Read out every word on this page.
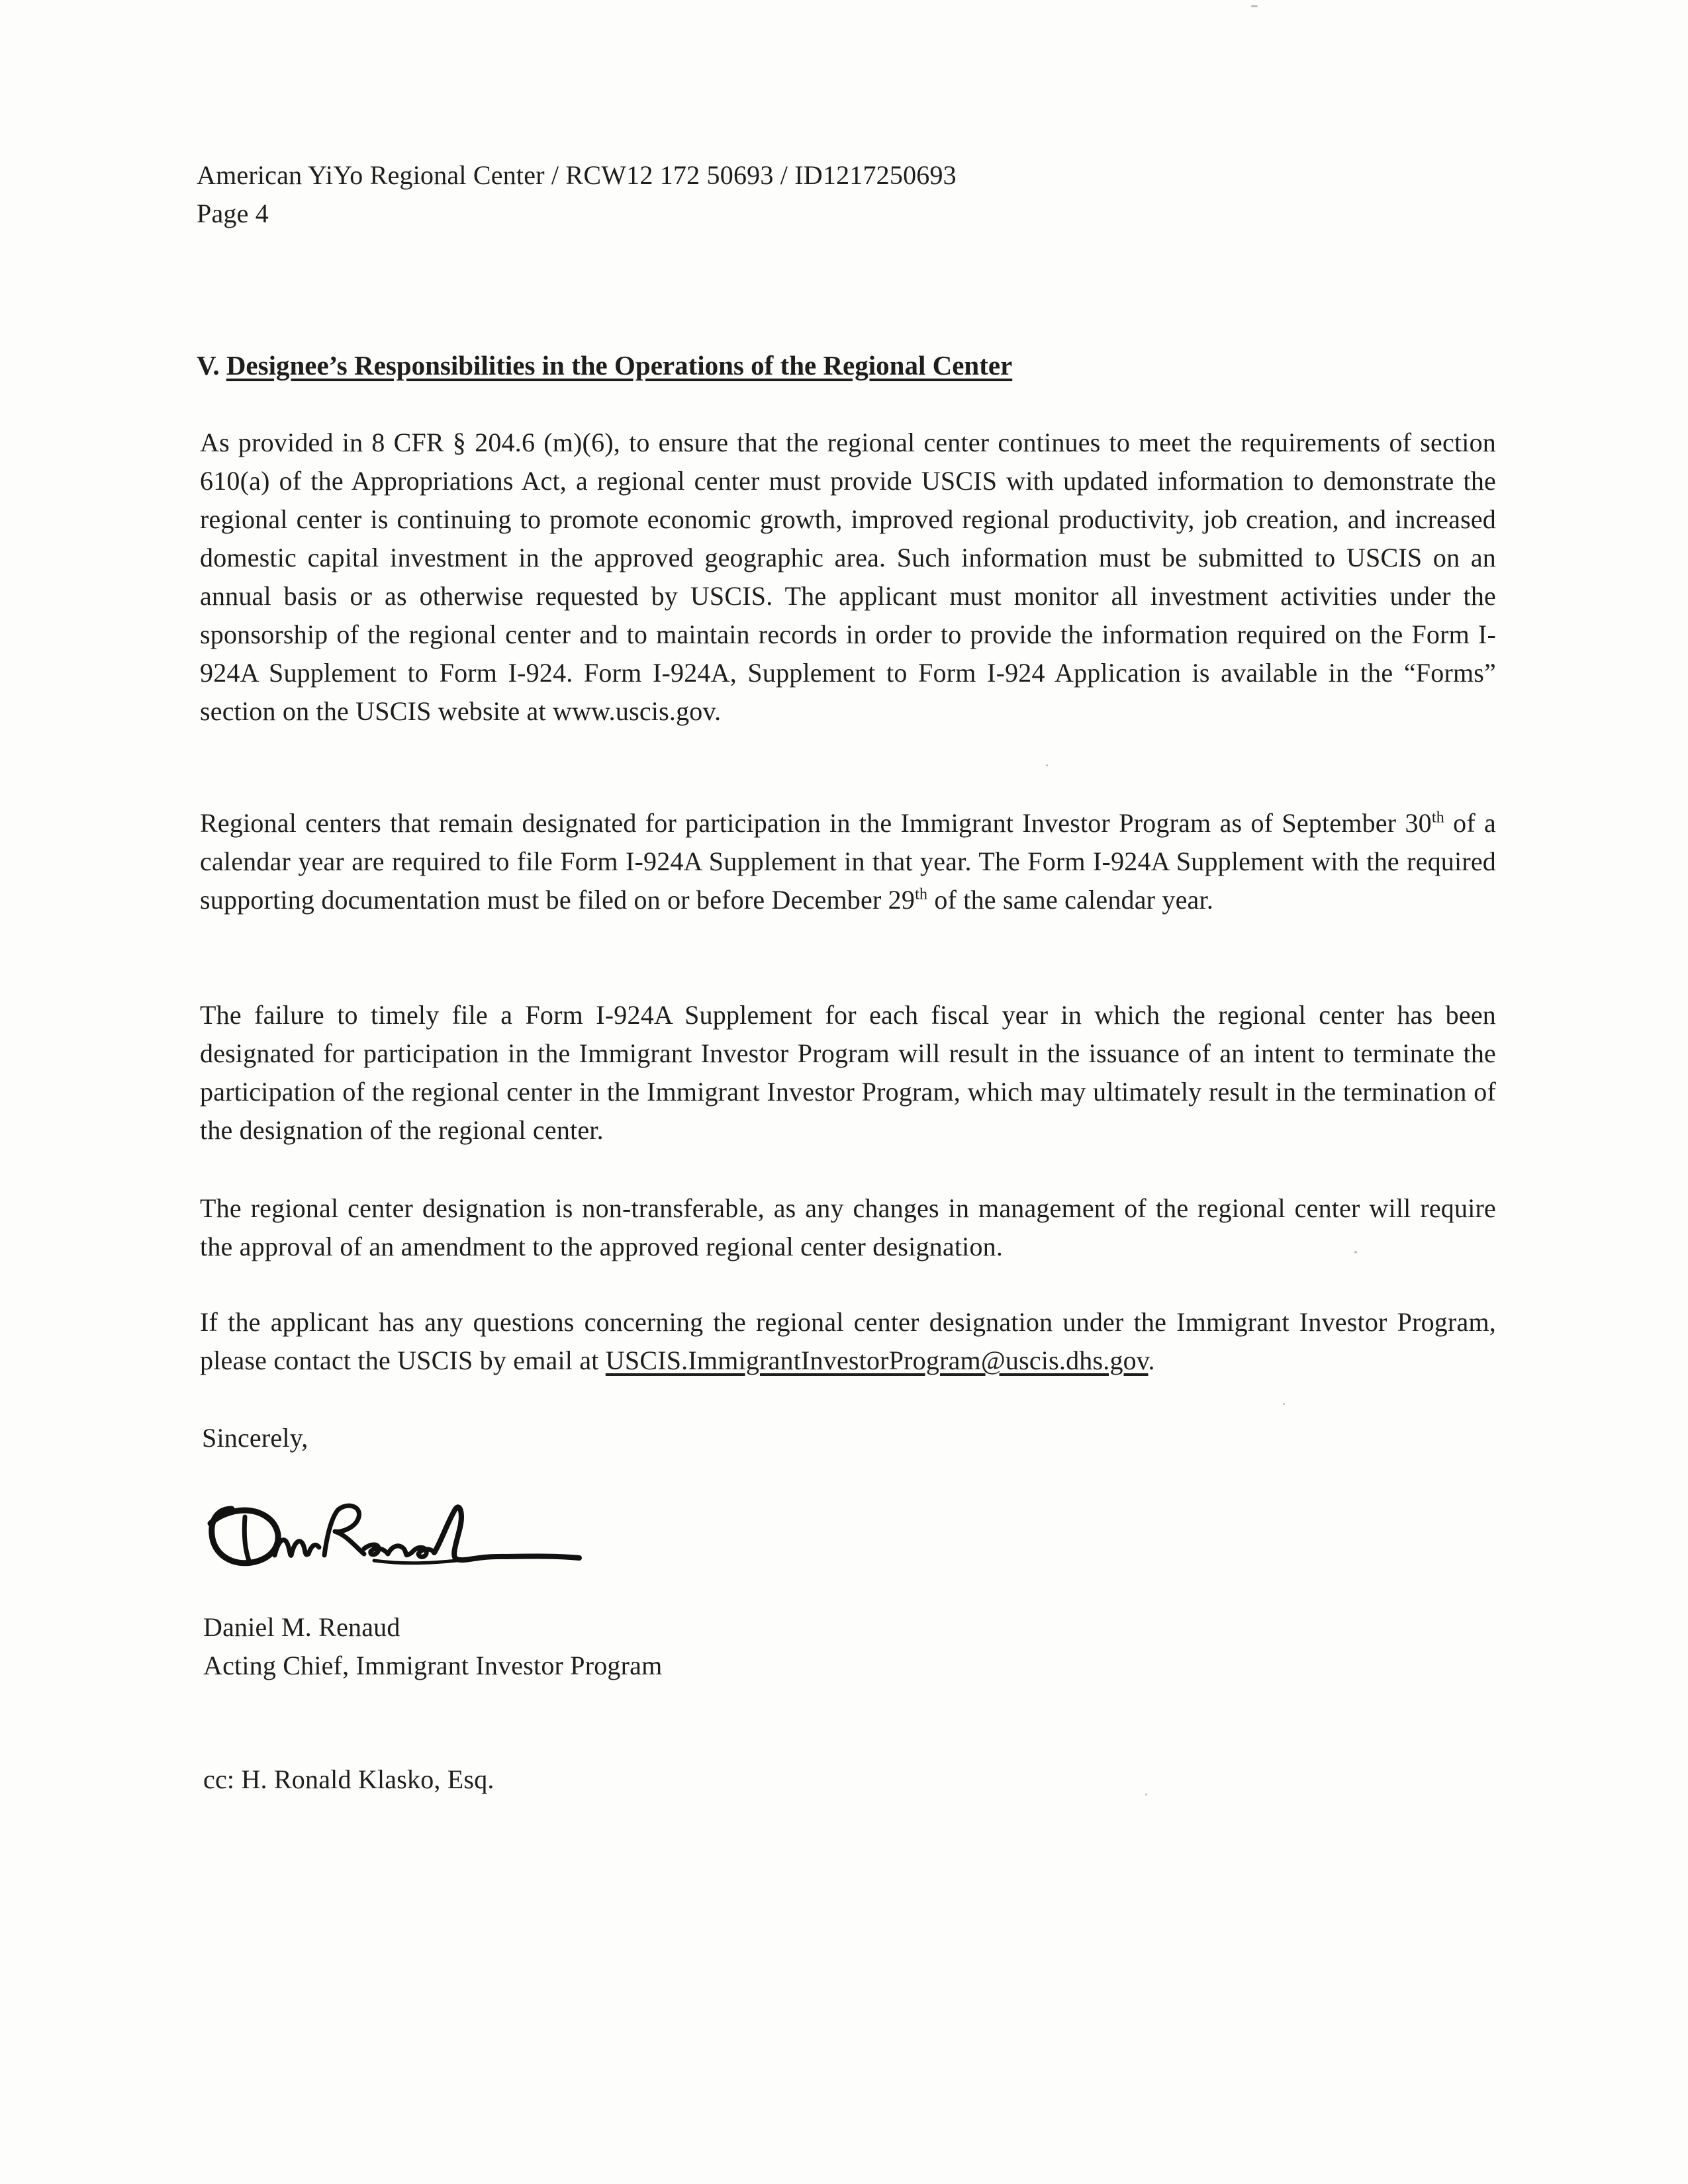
American YiYo Regional Center / RCW12 172 50693 / ID1217250693
Page 4
V. Designee’s Responsibilities in the Operations of the Regional Center

As provided in 8 CFR § 204.6 (m)(6), to ensure that the regional center continues to meet the requirements of section 610(a) of the Appropriations Act, a regional center must provide USCIS with updated information to demonstrate the regional center is continuing to promote economic growth, improved regional productivity, job creation, and increased domestic capital investment in the approved geographic area. Such information must be submitted to USCIS on an annual basis or as otherwise requested by USCIS. The applicant must monitor all investment activities under the sponsorship of the regional center and to maintain records in order to provide the information required on the Form I-924A Supplement to Form I-924. Form I-924A, Supplement to Form I-924 Application is available in the “Forms” section on the USCIS website at www.uscis.gov.

Regional centers that remain designated for participation in the Immigrant Investor Program as of September 30th of a calendar year are required to file Form I-924A Supplement in that year. The Form I-924A Supplement with the required supporting documentation must be filed on or before December 29th of the same calendar year.

The failure to timely file a Form I-924A Supplement for each fiscal year in which the regional center has been designated for participation in the Immigrant Investor Program will result in the issuance of an intent to terminate the participation of the regional center in the Immigrant Investor Program, which may ultimately result in the termination of the designation of the regional center.

The regional center designation is non-transferable, as any changes in management of the regional center will require the approval of an amendment to the approved regional center designation.

If the applicant has any questions concerning the regional center designation under the Immigrant Investor Program, please contact the USCIS by email at USCIS.ImmigrantInvestorProgram@uscis.dhs.gov.

Sincerely,
Daniel M. Renaud
Acting Chief, Immigrant Investor Program
cc: H. Ronald Klasko, Esq.
